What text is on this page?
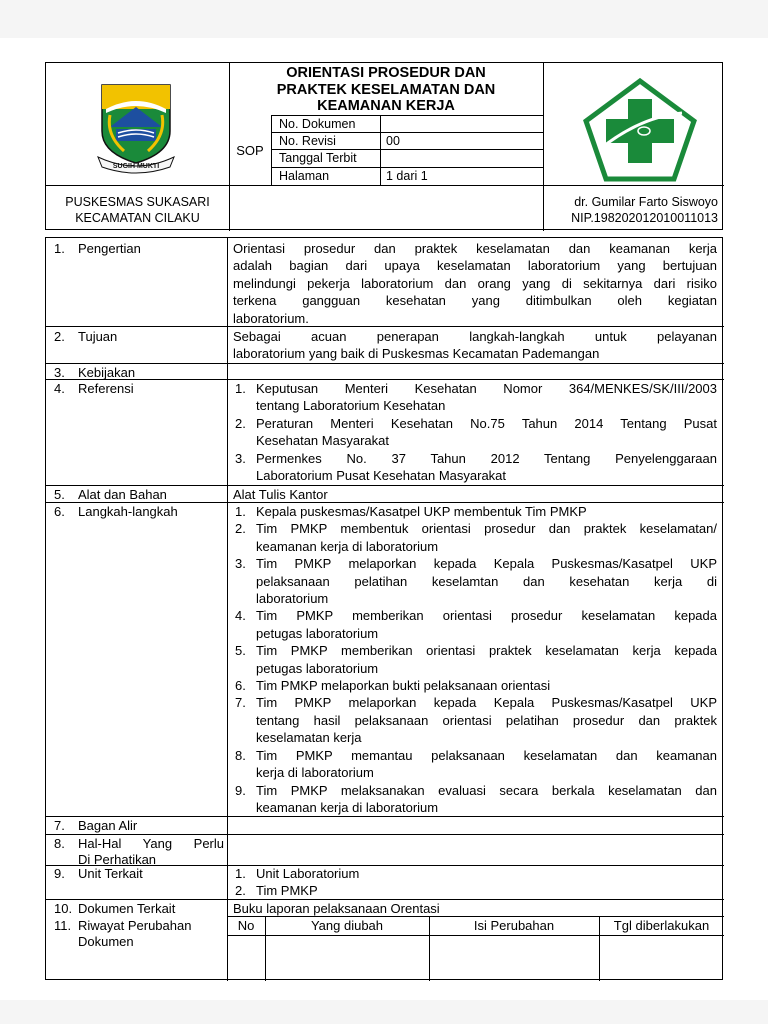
SUGIH MUKTI
ORIENTASI PROSEDUR DAN
PRAKTEK KESELAMATAN DAN
KEAMANAN KERJA
SOP
No. Dokumen
No. Revisi	00
Tanggal Terbit
Halaman	1 dari 1
PUSKESMAS SUKASARI
KECAMATAN CILAKU
dr. Gumilar Farto Siswoyo
NIP.198202012010011013
1. Pengertian	Orientasi prosedur dan praktek keselamatan dan keamanan kerja
adalah bagian dari upaya keselamatan laboratorium yang bertujuan
melindungi pekerja laboratorium dan orang yang di sekitarnya dari risiko
terkena gangguan kesehatan yang ditimbulkan oleh kegiatan
laboratorium.
2. Tujuan	Sebagai acuan penerapan langkah-langkah untuk pelayanan
laboratorium yang baik di Puskesmas Kecamatan Pademangan
3. Kebijakan
4. Referensi	1. Keputusan Menteri Kesehatan Nomor 364/MENKES/SK/III/2003
tentang Laboratorium Kesehatan
2. Peraturan Menteri Kesehatan No.75 Tahun 2014 Tentang Pusat
Kesehatan Masyarakat
3. Permenkes No. 37 Tahun 2012 Tentang Penyelenggaraan
Laboratorium Pusat Kesehatan Masyarakat
5. Alat dan Bahan	Alat Tulis Kantor
6. Langkah-langkah	1. Kepala puskesmas/Kasatpel UKP membentuk Tim PMKP
2. Tim PMKP membentuk orientasi prosedur dan praktek keselamatan/
keamanan kerja di laboratorium
3. Tim PMKP melaporkan kepada Kepala Puskesmas/Kasatpel UKP
pelaksanaan pelatihan keselamtan dan kesehatan kerja di
laboratorium
4. Tim PMKP memberikan orientasi prosedur keselamatan kepada
petugas laboratorium
5. Tim PMKP memberikan orientasi praktek keselamatan kerja kepada
petugas laboratorium
6. Tim PMKP melaporkan bukti pelaksanaan orientasi
7. Tim PMKP melaporkan kepada Kepala Puskesmas/Kasatpel UKP
tentang hasil pelaksanaan orientasi pelatihan prosedur dan praktek
keselamatan kerja
8. Tim PMKP memantau pelaksanaan keselamatan dan keamanan
kerja di laboratorium
9. Tim PMKP melaksanakan evaluasi secara berkala keselamatan dan
keamanan kerja di laboratorium
7. Bagan Alir
8. Hal-Hal Yang Perlu
Di Perhatikan
9. Unit Terkait	1. Unit Laboratorium
2. Tim PMKP
10. Dokumen Terkait	Buku laporan pelaksanaan Orentasi
11. Riwayat Perubahan
Dokumen
No	Yang diubah	Isi Perubahan	Tgl diberlakukan
